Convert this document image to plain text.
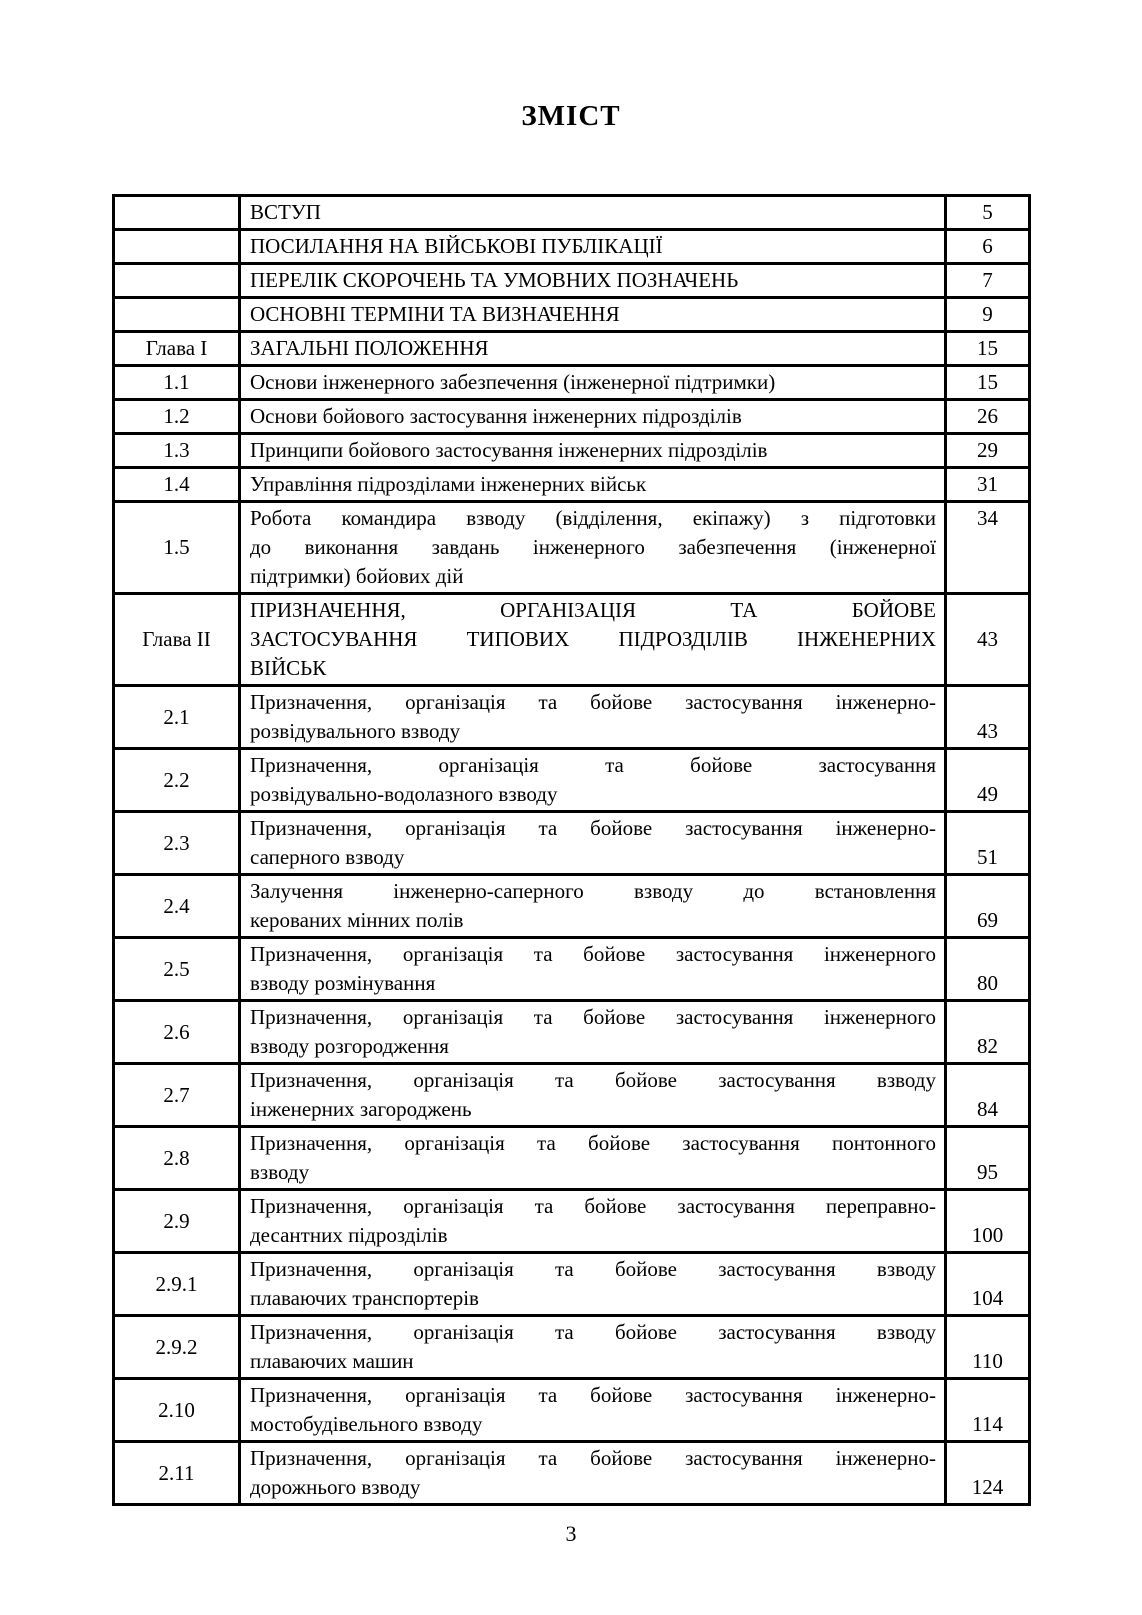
ЗМІСТ

	ВСТУП	5

	ПОСИЛАННЯ НА ВІЙСЬКОВІ ПУБЛІКАЦІЇ	6

	ПЕРЕЛІК СКОРОЧЕНЬ ТА УМОВНИХ ПОЗНАЧЕНЬ	7

	ОСНОВНІ ТЕРМІНИ ТА ВИЗНАЧЕННЯ	9
Глава I	ЗАГАЛЬНІ ПОЛОЖЕННЯ	15
1.1	Основи інженерного забезпечення (інженерної підтримки)	15
1.2	Основи бойового застосування інженерних підрозділів	26
1.3	Принципи бойового застосування інженерних підрозділів	29
1.4	Управління підрозділами інженерних військ	31
1.5	Робота командира взводу (відділення, екіпажу) з підготовки
до виконання завдань інженерного забезпечення (інженерної
підтримки) бойових дій	34
Глава II	ПРИЗНАЧЕННЯ, ОРГАНІЗАЦІЯ ТА БОЙОВЕ
ЗАСТОСУВАННЯ ТИПОВИХ ПІДРОЗДІЛІВ ІНЖЕНЕРНИХ
ВІЙСЬК	43
2.1	Призначення, організація та бойове застосування інженерно-
розвідувального взводу	43
2.2	Призначення, організація та бойове застосування
розвідувально-водолазного взводу	49
2.3	Призначення, організація та бойове застосування інженерно-
саперного взводу	51
2.4	Залучення інженерно-саперного взводу до встановлення
керованих мінних полів	69
2.5	Призначення, організація та бойове застосування інженерного
взводу розмінування	80
2.6	Призначення, організація та бойове застосування інженерного
взводу розгородження	82
2.7	Призначення, організація та бойове застосування взводу
інженерних загороджень	84
2.8	Призначення, організація та бойове застосування понтонного
взводу	95
2.9	Призначення, організація та бойове застосування переправно-
десантних підрозділів	100
2.9.1	Призначення, організація та бойове застосування взводу
плаваючих транспортерів	104
2.9.2	Призначення, організація та бойове застосування взводу
плаваючих машин	110
2.10	Призначення, організація та бойове застосування інженерно-
мостобудівельного взводу	114
2.11	Призначення, організація та бойове застосування інженерно-
дорожнього взводу	124
3
